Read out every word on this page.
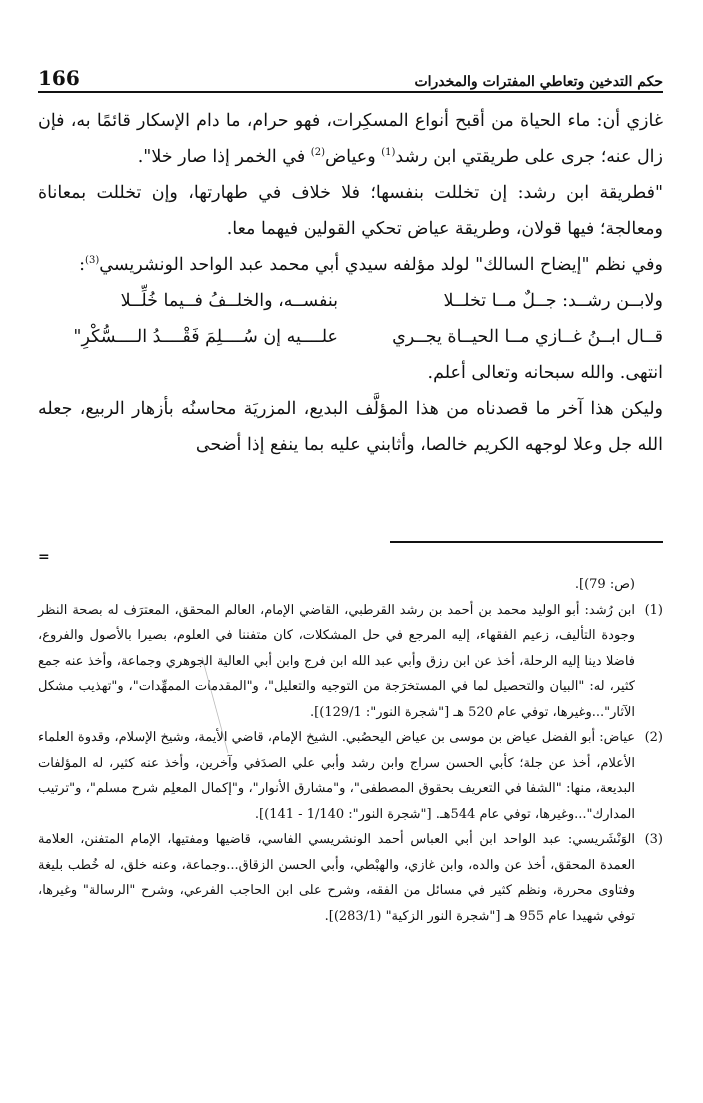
166	حكم التدخين وتعاطي المفترات والمخدرات

غازي أن: ماء الحياة من أقبح أنواع المسكِرات، فهو حرام، ما دام الإسكار قائمًا به، فإن زال عنه؛ جرى على طريقتي ابن رشد$^{(1)}$ وعياض$^{(2)}$ في الخمر إذا صار خلا".

"فطريقة ابن رشد: إن تخللت بنفسها؛ فلا خلاف في طهارتها، وإن تخللت بمعاناة ومعالجة؛ فيها قولان، وطريقة عياض تحكي القولين فيهما معا.

وفي نظم "إيضاح السالك" لولد مؤلفه سيدي أبي محمد عبد الواحد الونشريسي$^{(3)}$:

ولابــن رشــد: جــلٌ مــا تخلــلا
بنفســه، والخلــفُ فــيما خُلِّــلا
قــال ابــنُ غــازي مــا الحيــاة يجــري
علــــيه إن سُــــلِمَ فَقْــــدُ الــــسُّكْرِ"

انتهى. والله سبحانه وتعالى أعلم.

وليكن هذا آخر ما قصدناه من هذا المؤلَّف البديع، المزريَة محاسنُه بأزهار الربيع، جعله الله جل وعلا لوجهه الكريم خالصا، وأثابني عليه بما ينفع إذا أضحى

=

(ص: 79)].

(1)
ابن رُشد: أبو الوليد محمد بن أحمد بن رشد القرطبي، القاضي الإمام، العالم المحقق، المعترَف له بصحة النظر وجودة التأليف، زعيم الفقهاء، إليه المرجع في حل المشكلات، كان متفننا في العلوم، بصيرا بالأصول والفروع، فاضلا دينا إليه الرحلة، أخذ عن ابن رزق وأبي عبد الله ابن فرج وابن أبي العالية الجوهري وجماعة، وأخذ عنه جمع كثير، له: "البيان والتحصيل لما في المستخرَجة من التوجيه والتعليل"، و"المقدمات الممهِّدات"، و"تهذيب مشكل الآثار"...وغيرها، توفي عام 520 هـ ["شجرة النور": 129/1)].

(2)
عياض: أبو الفضل عياض بن موسى بن عياض اليحصُبي. الشيخ الإمام، قاضي الأيمة، وشيخ الإسلام، وقدوة العلماء الأعلام، أخذ عن جلة؛ كأبي الحسن سراج وابن رشد وأبي علي الصدَفي وآخرين، وأخذ عنه كثير، له المؤلفات البديعة، منها: "الشفا في التعريف بحقوق المصطفى"، و"مشارق الأنوار"، و"إكمال المعلِم شرح مسلم"، و"ترتيب المدارك"...وغيرها، توفي عام 544هـ. ["شجرة النور": 1/140 - 141)].

(3)
الوَنْشَريسي: عبد الواحد ابن أبي العباس أحمد الونشريسي الفاسي، قاضيها ومفتيها، الإمام المتفنن، العلامة العمدة المحقق، أخذ عن والده، وابن غازي، والهبْطي، وأبي الحسن الزقاق...وجماعة، وعنه خلق، له خُطب بليغة وفتاوى محررة، ونظم كثير في مسائل من الفقه، وشرح على ابن الحاجب الفرعي، وشرح "الرسالة" وغيرها، توفي شهيدا عام 955 هـ ["شجرة النور الزكية" (283/1)].
